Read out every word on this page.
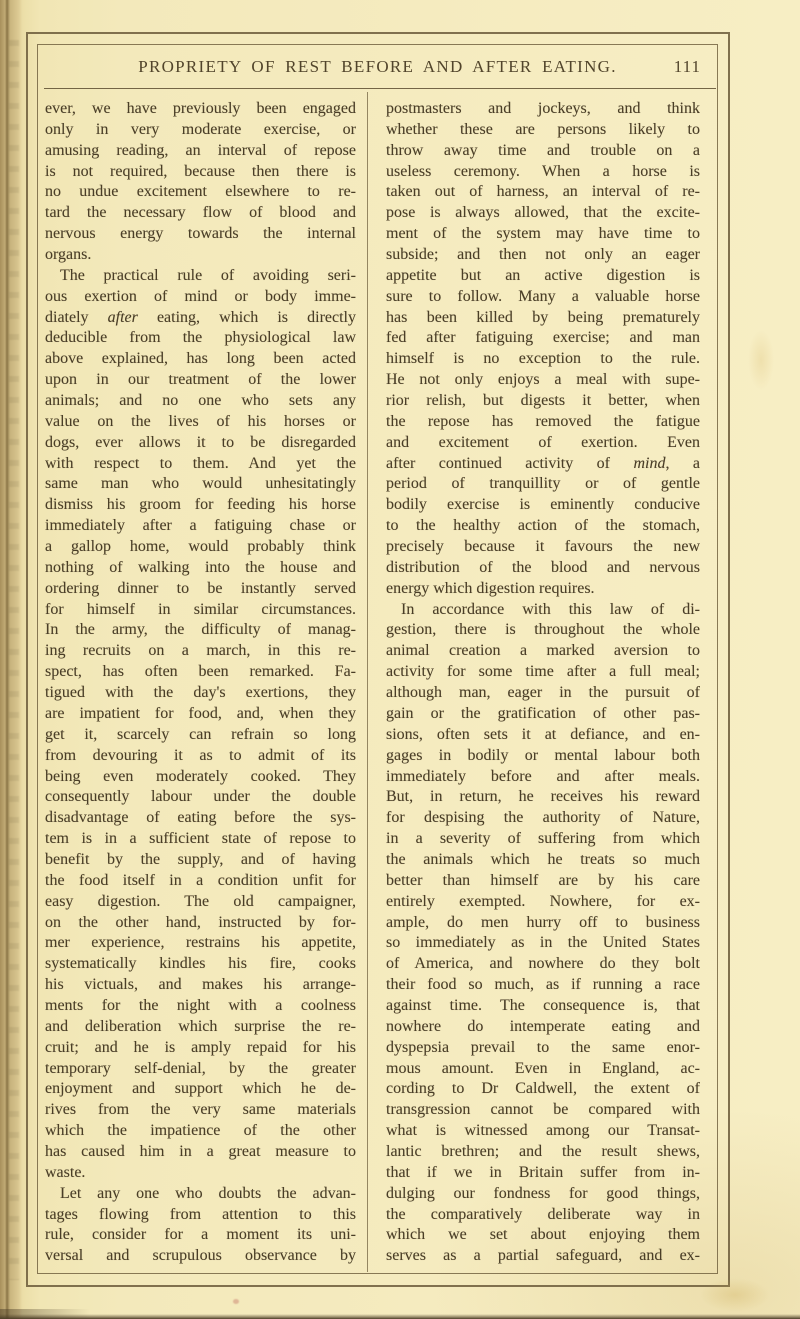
PROPRIETY OF REST BEFORE AND AFTER EATING.	111
ever, we have previously been engaged
only in very moderate exercise, or
amusing reading, an interval of repose
is not required, because then there is
no undue excitement elsewhere to re-
tard the necessary flow of blood and
nervous energy towards the internal
organs.
The practical rule of avoiding seri-
ous exertion of mind or body imme-
diately after eating, which is directly
deducible from the physiological law
above explained, has long been acted
upon in our treatment of the lower
animals; and no one who sets any
value on the lives of his horses or
dogs, ever allows it to be disregarded
with respect to them. And yet the
same man who would unhesitatingly
dismiss his groom for feeding his horse
immediately after a fatiguing chase or
a gallop home, would probably think
nothing of walking into the house and
ordering dinner to be instantly served
for himself in similar circumstances.
In the army, the difficulty of manag-
ing recruits on a march, in this re-
spect, has often been remarked. Fa-
tigued with the day's exertions, they
are impatient for food, and, when they
get it, scarcely can refrain so long
from devouring it as to admit of its
being even moderately cooked. They
consequently labour under the double
disadvantage of eating before the sys-
tem is in a sufficient state of repose to
benefit by the supply, and of having
the food itself in a condition unfit for
easy digestion. The old campaigner,
on the other hand, instructed by for-
mer experience, restrains his appetite,
systematically kindles his fire, cooks
his victuals, and makes his arrange-
ments for the night with a coolness
and deliberation which surprise the re-
cruit; and he is amply repaid for his
temporary self-denial, by the greater
enjoyment and support which he de-
rives from the very same materials
which the impatience of the other
has caused him in a great measure to
waste.
Let any one who doubts the advan-
tages flowing from attention to this
rule, consider for a moment its uni-
versal and scrupulous observance by
postmasters and jockeys, and think
whether these are persons likely to
throw away time and trouble on a
useless ceremony. When a horse is
taken out of harness, an interval of re-
pose is always allowed, that the excite-
ment of the system may have time to
subside; and then not only an eager
appetite but an active digestion is
sure to follow. Many a valuable horse
has been killed by being prematurely
fed after fatiguing exercise; and man
himself is no exception to the rule.
He not only enjoys a meal with supe-
rior relish, but digests it better, when
the repose has removed the fatigue
and excitement of exertion. Even
after continued activity of mind, a
period of tranquillity or of gentle
bodily exercise is eminently conducive
to the healthy action of the stomach,
precisely because it favours the new
distribution of the blood and nervous
energy which digestion requires.
In accordance with this law of di-
gestion, there is throughout the whole
animal creation a marked aversion to
activity for some time after a full meal;
although man, eager in the pursuit of
gain or the gratification of other pas-
sions, often sets it at defiance, and en-
gages in bodily or mental labour both
immediately before and after meals.
But, in return, he receives his reward
for despising the authority of Nature,
in a severity of suffering from which
the animals which he treats so much
better than himself are by his care
entirely exempted. Nowhere, for ex-
ample, do men hurry off to business
so immediately as in the United States
of America, and nowhere do they bolt
their food so much, as if running a race
against time. The consequence is, that
nowhere do intemperate eating and
dyspepsia prevail to the same enor-
mous amount. Even in England, ac-
cording to Dr Caldwell, the extent of
transgression cannot be compared with
what is witnessed among our Transat-
lantic brethren; and the result shews,
that if we in Britain suffer from in-
dulging our fondness for good things,
the comparatively deliberate way in
which we set about enjoying them
serves as a partial safeguard, and ex-
